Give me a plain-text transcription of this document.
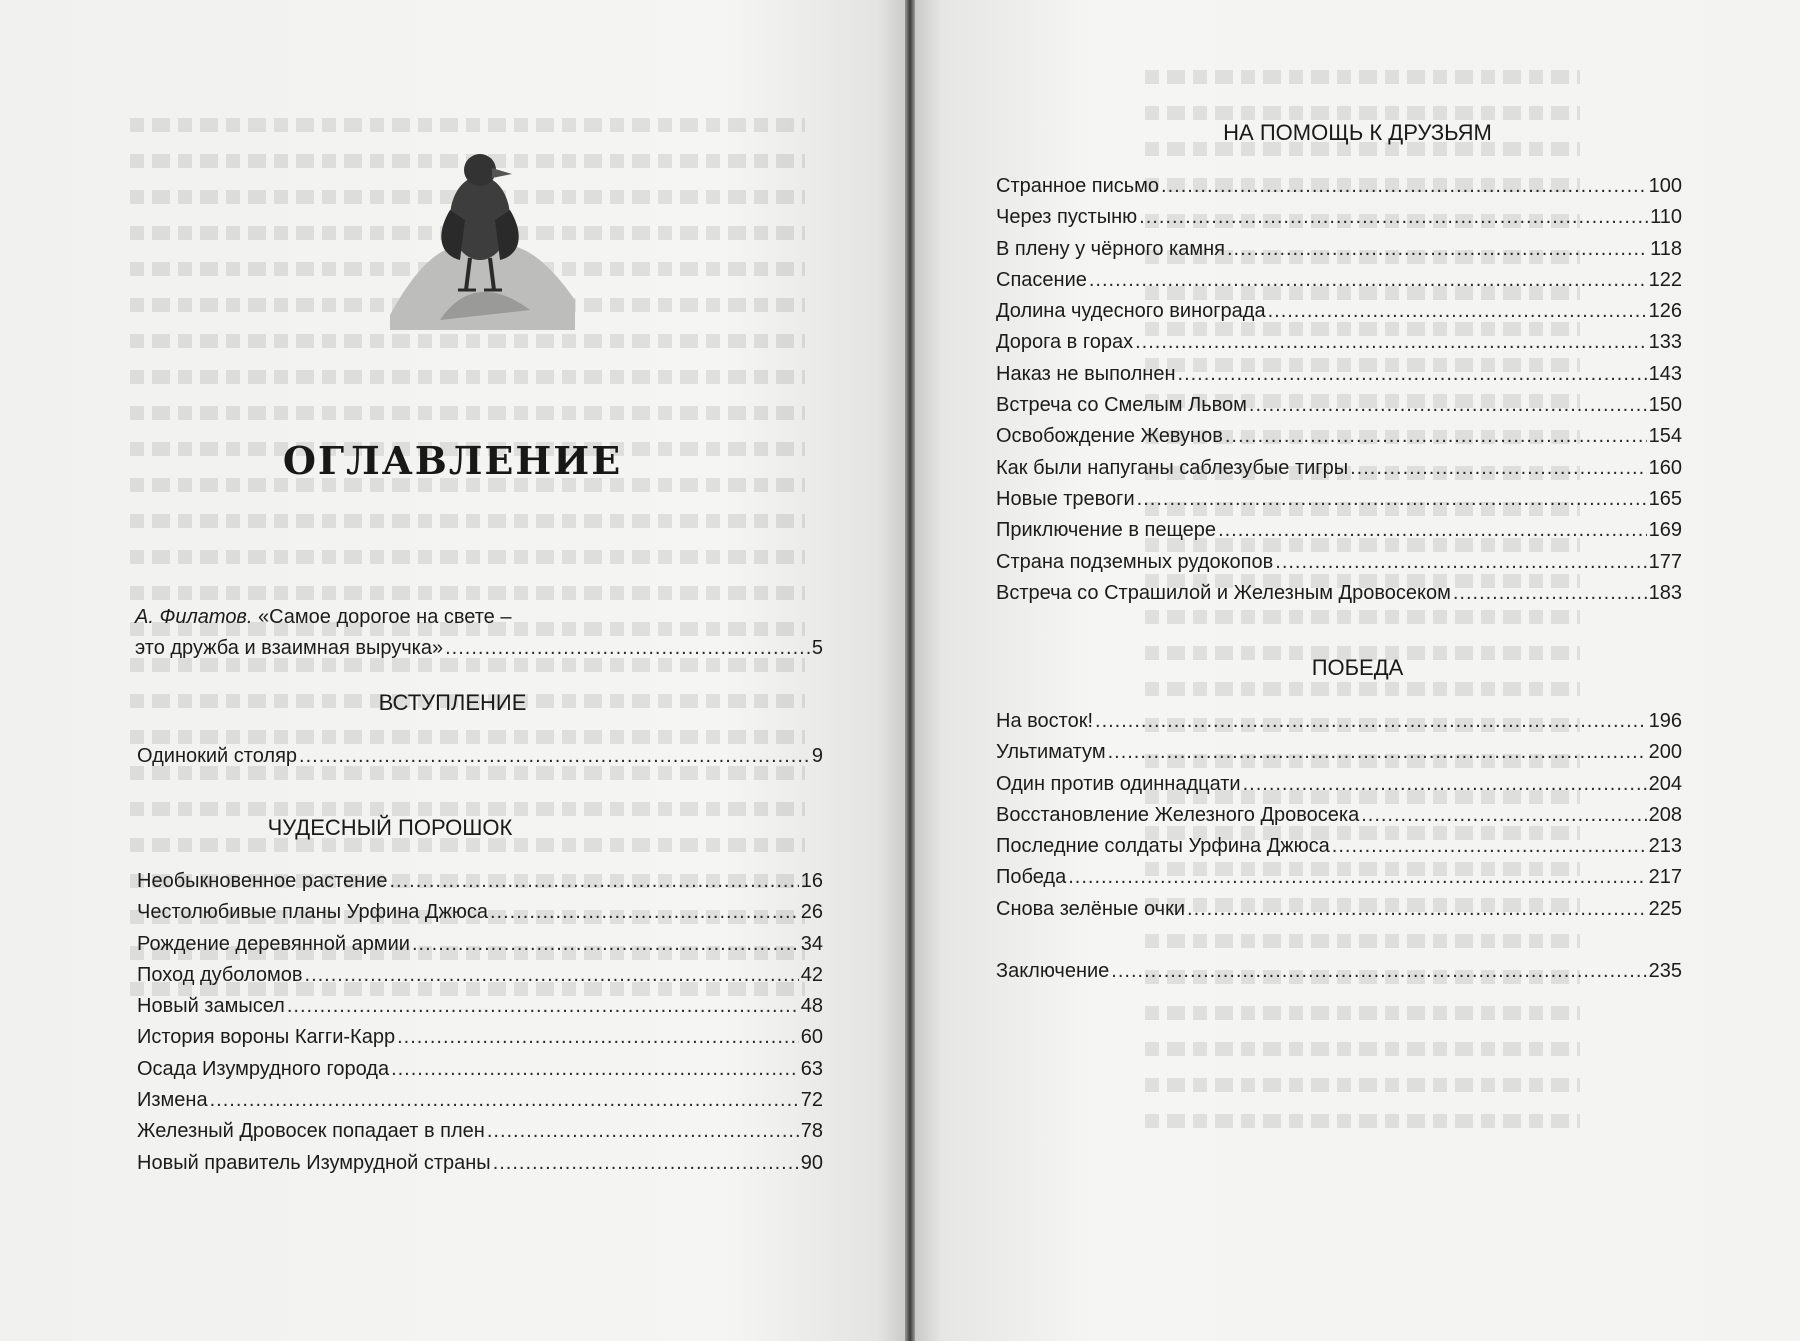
ОГЛАВЛЕНИЕ
А. Филатов. «Самое дорогое на свете –
это дружба и взаимная выручка» .....	5
ВСТУПЛЕНИЕ
Одинокий столяр .....	9
ЧУДЕСНЫЙ ПОРОШОК
Необыкновенное растение .....	16
Честолюбивые планы Урфина Джюса .....	26
Рождение деревянной армии .....	34
Поход дуболомов .....	42
Новый замысел .....	48
История вороны Кагги-Карр .....	60
Осада Изумрудного города .....	63
Измена .....	72
Железный Дровосек попадает в плен .....	78
Новый правитель Изумрудной страны .....	90
НА ПОМОЩЬ К ДРУЗЬЯМ
Странное письмо .....	100
Через пустыню .....	110
В плену у чёрного камня .....	118
Спасение .....	122
Долина чудесного винограда .....	126
Дорога в горах .....	133
Наказ не выполнен .....	143
Встреча со Смелым Львом .....	150
Освобождение Жевунов .....	154
Как были напуганы саблезубые тигры .....	160
Новые тревоги .....	165
Приключение в пещере .....	169
Страна подземных рудокопов .....	177
Встреча со Страшилой и Железным Дровосеком .....	183
ПОБЕДА
На восток! .....	196
Ультиматум .....	200
Один против одиннадцати .....	204
Восстановление Железного Дровосека .....	208
Последние солдаты Урфина Джюса .....	213
Победа .....	217
Снова зелёные очки .....	225
Заключение .....	235
